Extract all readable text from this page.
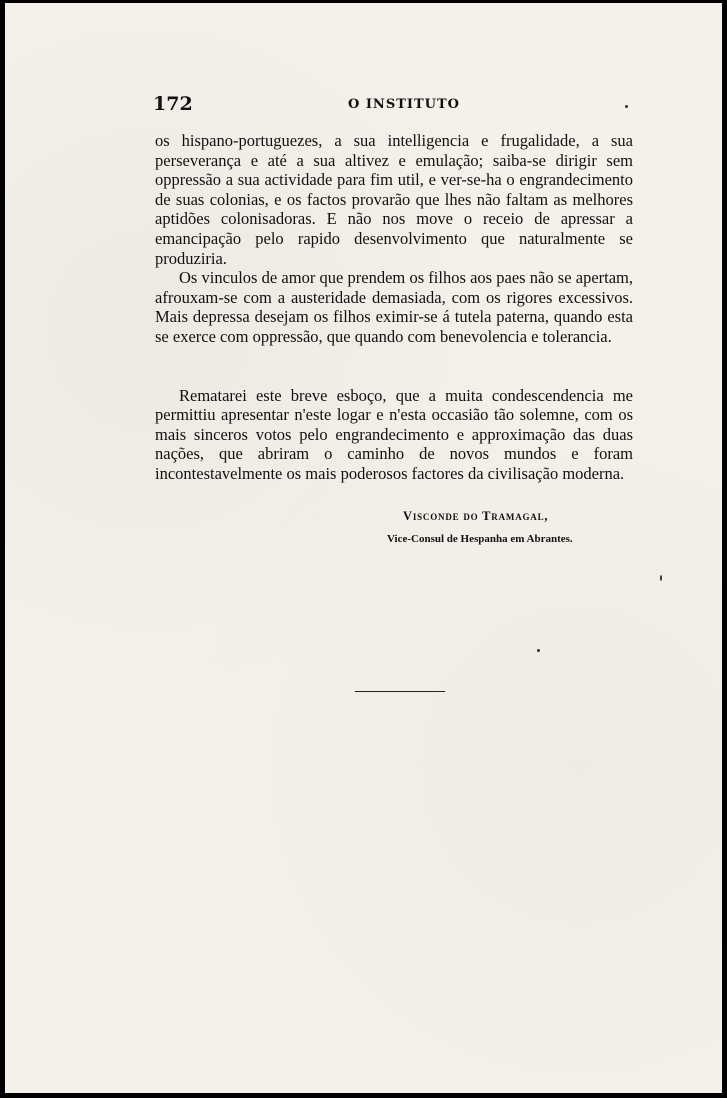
172	O INSTITUTO

os hispano-portuguezes, a sua intelligencia e frugalidade, a sua perseverança e até a sua altivez e emulação; saiba-se dirigir sem oppressão a sua actividade para fim util, e ver-se-ha o engrandecimento de suas colonias, e os factos provarão que lhes não faltam as melhores aptidões colonisadoras. E não nos move o receio de apressar a emancipação pelo rapido desenvolvimento que naturalmente se produziria.

Os vinculos de amor que prendem os filhos aos paes não se apertam, afrouxam-se com a austeridade demasiada, com os rigores excessivos. Mais depressa desejam os filhos eximir-se á tutela paterna, quando esta se exerce com oppressão, que quando com benevolencia e tolerancia.

Rematarei este breve esboço, que a muita condescendencia me permittiu apresentar n'este logar e n'esta occasião tão solemne, com os mais sinceros votos pelo engrandecimento e approximação das duas nações, que abriram o caminho de novos mundos e foram incontestavelmente os mais poderosos factores da civilisação moderna.

Visconde do Tramagal,
Vice-Consul de Hespanha em Abrantes.
